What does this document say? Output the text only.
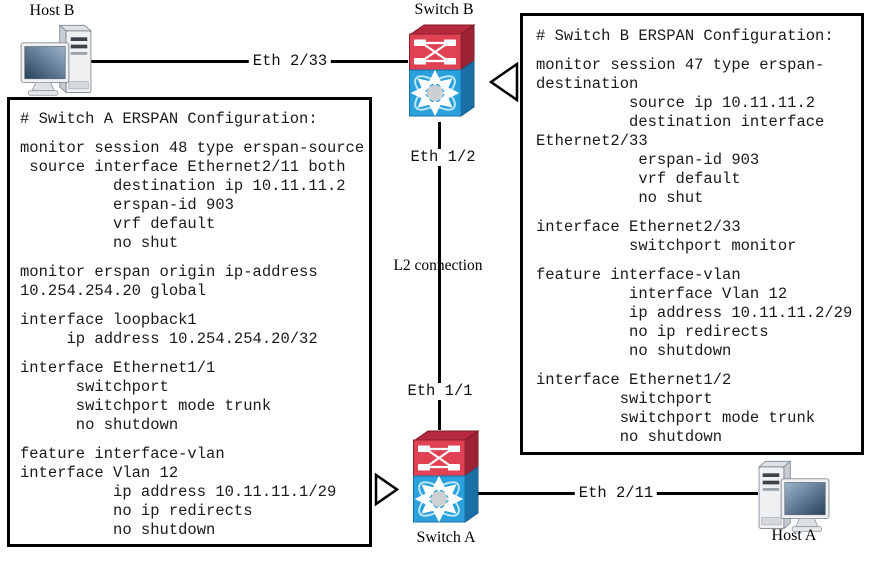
# Switch A ERSPAN Configuration:
monitor session 48 type erspan-source
source interface Ethernet2/11 both
destination ip 10.11.11.2
erspan-id 903
vrf default
no shut
monitor erspan origin ip-address
10.254.254.20 global
interface loopback1
ip address 10.254.254.20/32
interface Ethernet1/1
switchport
switchport mode trunk
no shutdown
feature interface-vlan
interface Vlan 12
ip address 10.11.11.1/29
no ip redirects
no shutdown
# Switch B ERSPAN Configuration:
monitor session 47 type erspan-
destination
source ip 10.11.11.2
destination interface
Ethernet2/33
erspan-id 903
vrf default
no shut
interface Ethernet2/33
switchport monitor
feature interface-vlan
interface Vlan 12
ip address 10.11.11.2/29
no ip redirects
no shutdown
interface Ethernet1/2
switchport
switchport mode trunk
no shutdown
Eth 2/33
Eth 1/2
L2 connection
Eth 1/1
Eth 2/11
Host B	Switch B
Switch A	Host A
